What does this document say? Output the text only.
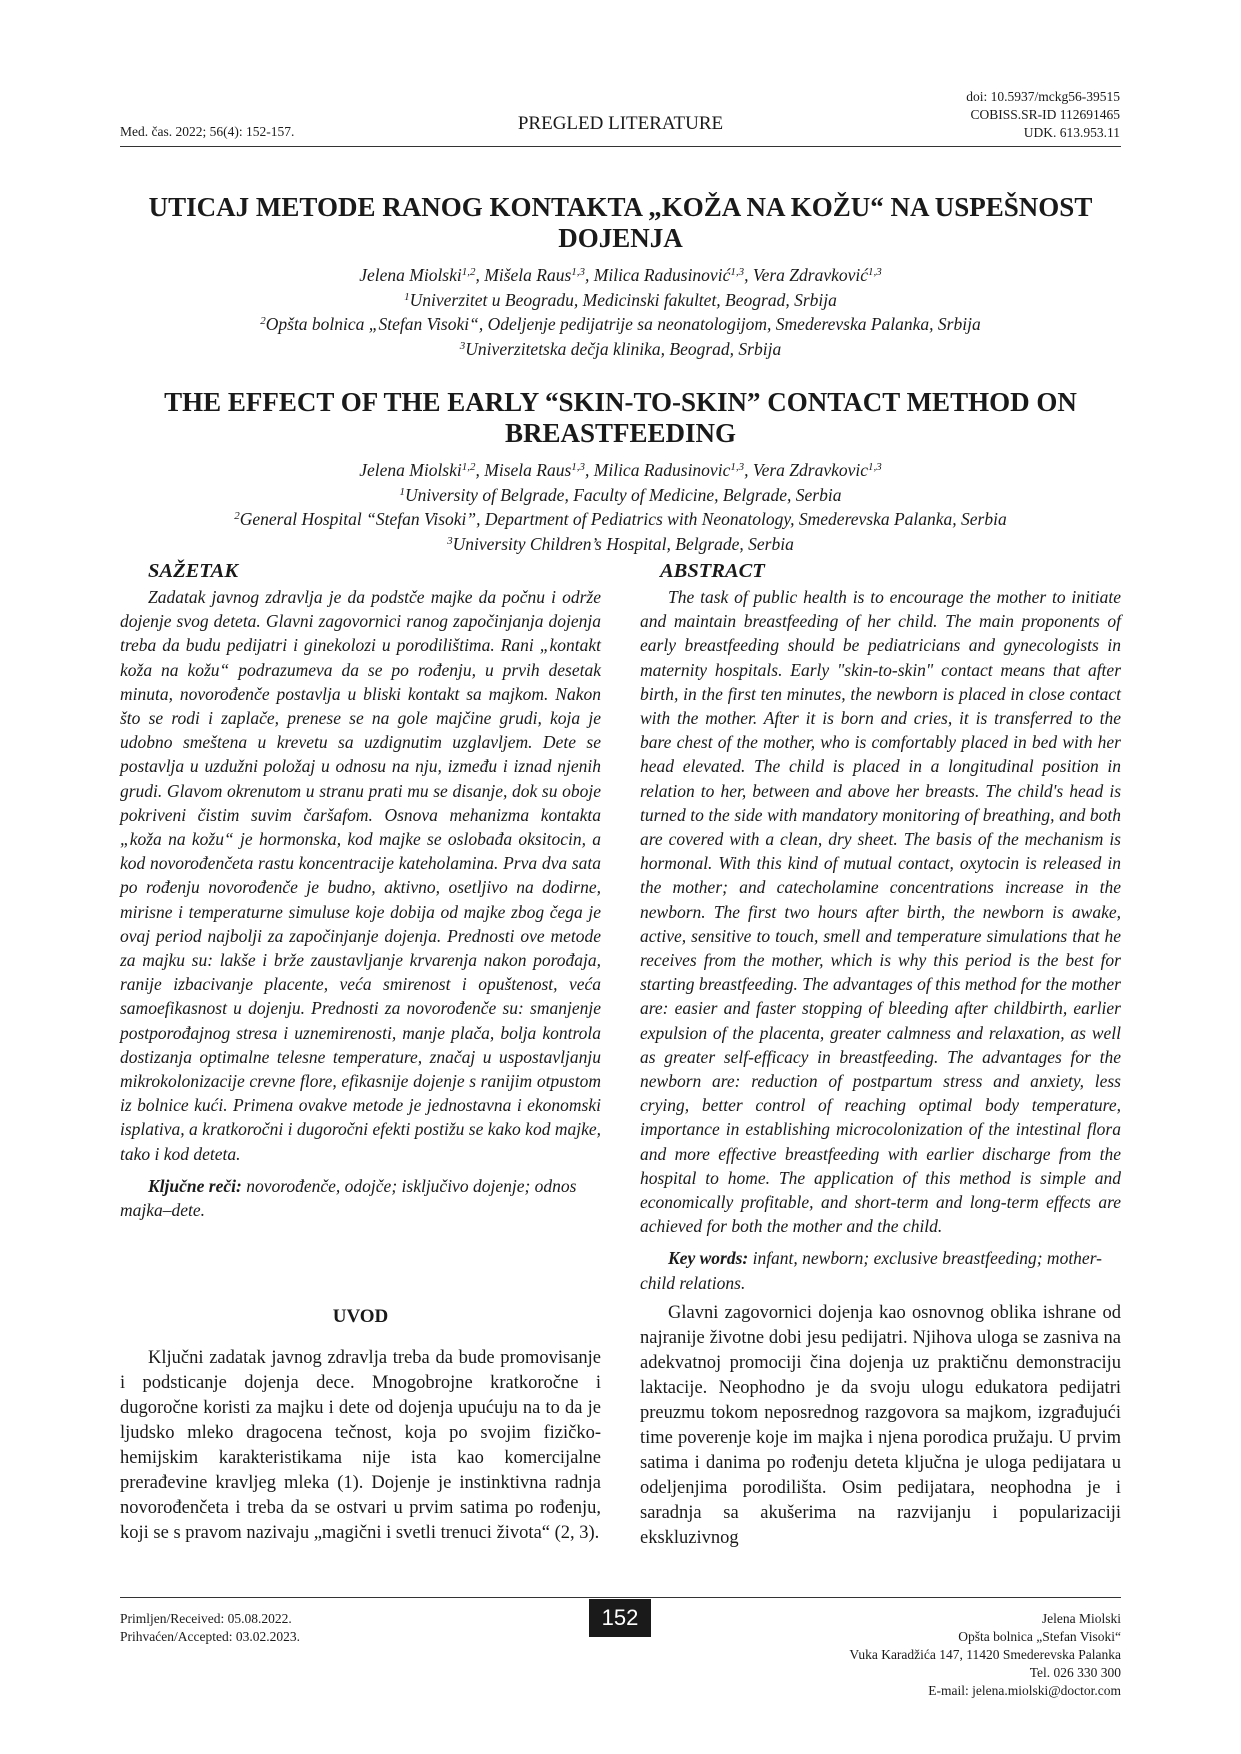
Med. čas. 2022; 56(4): 152-157.	PREGLED LITERATURE
doi: 10.5937/mckg56-39515
COBISS.SR-ID 112691465
UDK. 613.953.11
UTICAJ METODE RANOG KONTAKTA „KOŽA NA KOŽU“ NA USPEŠNOST
DOJENJA
Jelena Miolski$^{1,2}$, Mišela Raus$^{1,3}$, Milica Radusinović$^{1,3}$, Vera Zdravković$^{1,3}$
$^1$Univerzitet u Beogradu, Medicinski fakultet, Beograd, Srbija
$^2$Opšta bolnica „Stefan Visoki“, Odeljenje pedijatrije sa neonatologijom, Smederevska Palanka, Srbija
$^3$Univerzitetska dečja klinika, Beograd, Srbija
THE EFFECT OF THE EARLY “SKIN-TO-SKIN” CONTACT METHOD ON
BREASTFEEDING
Jelena Miolski$^{1,2}$, Misela Raus$^{1,3}$, Milica Radusinovic$^{1,3}$, Vera Zdravkovic$^{1,3}$
$^1$University of Belgrade, Faculty of Medicine, Belgrade, Serbia
$^2$General Hospital “Stefan Visoki”, Department of Pediatrics with Neonatology, Smederevska Palanka, Serbia
$^3$University Children’s Hospital, Belgrade, Serbia
SAŽETAK

Zadatak javnog zdravlja je da podstče majke da počnu i održe dojenje svog deteta. Glavni zagovornici ranog započinjanja dojenja treba da budu pedijatri i ginekolozi u porodilištima. Rani „kontakt koža na kožu“ podrazumeva da se po rođenju, u prvih desetak minuta, novorođenče postavlja u bliski kontakt sa majkom. Nakon što se rodi i zaplače, prenese se na gole majčine grudi, koja je udobno smeštena u krevetu sa uzdignutim uzglavljem. Dete se postavlja u uzdužni položaj u odnosu na nju, između i iznad njenih grudi. Glavom okrenutom u stranu prati mu se disanje, dok su oboje pokriveni čistim suvim čaršafom. Osnova mehanizma kontakta „koža na kožu“ je hormonska, kod majke se oslobađa oksitocin, a kod novorođenčeta rastu koncentracije kateholamina. Prva dva sata po rođenju novorođenče je budno, aktivno, osetljivo na dodirne, mirisne i temperaturne simuluse koje dobija od majke zbog čega je ovaj period najbolji za započinjanje dojenja. Prednosti ove metode za majku su: lakše i brže zaustavljanje krvarenja nakon porođaja, ranije izbacivanje placente, veća smirenost i opuštenost, veća samoefikasnost u dojenju. Prednosti za novorođenče su: smanjenje postporođajnog stresa i uznemirenosti, manje plača, bolja kontrola dostizanja optimalne telesne temperature, značaj u uspostavljanju mikrokolonizacije crevne flore, efikasnije dojenje s ranijim otpustom iz bolnice kući. Primena ovakve metode je jednostavna i ekonomski isplativa, a kratkoročni i dugoročni efekti postižu se kako kod majke, tako i kod deteta.

Ključne reči: novorođenče, odojče; isključivo dojenje; odnos majka–dete.

UVOD

Ključni zadatak javnog zdravlja treba da bude promovisanje i podsticanje dojenja dece. Mnogobrojne kratkoročne i dugoročne koristi za majku i dete od dojenja upućuju na to da je ljudsko mleko dragocena tečnost, koja po svojim fizičko-hemijskim karakteristikama nije ista kao komercijalne prerađevine kravljeg mleka (1). Dojenje je instinktivna radnja novorođenčeta i treba da se ostvari u prvim satima po rođenju, koji se s pravom nazivaju „magični i svetli trenuci života“ (2, 3).

ABSTRACT

The task of public health is to encourage the mother to initiate and maintain breastfeeding of her child. The main proponents of early breastfeeding should be pediatricians and gynecologists in maternity hospitals. Early "skin-to-skin" contact means that after birth, in the first ten minutes, the newborn is placed in close contact with the mother. After it is born and cries, it is transferred to the bare chest of the mother, who is comfortably placed in bed with her head elevated. The child is placed in a longitudinal position in relation to her, between and above her breasts. The child's head is turned to the side with mandatory monitoring of breathing, and both are covered with a clean, dry sheet. The basis of the mechanism is hormonal. With this kind of mutual contact, oxytocin is released in the mother; and catecholamine concentrations increase in the newborn. The first two hours after birth, the newborn is awake, active, sensitive to touch, smell and temperature simulations that he receives from the mother, which is why this period is the best for starting breastfeeding. The advantages of this method for the mother are: easier and faster stopping of bleeding after childbirth, earlier expulsion of the placenta, greater calmness and relaxation, as well as greater self-efficacy in breastfeeding. The advantages for the newborn are: reduction of postpartum stress and anxiety, less crying, better control of reaching optimal body temperature, importance in establishing microcolonization of the intestinal flora and more effective breastfeeding with earlier discharge from the hospital to home. The application of this method is simple and economically profitable, and short-term and long-term effects are achieved for both the mother and the child.

Key words: infant, newborn; exclusive breastfeeding; mother-child relations.

Glavni zagovornici dojenja kao osnovnog oblika ishrane od najranije životne dobi jesu pedijatri. Njihova uloga se zasniva na adekvatnoj promociji čina dojenja uz praktičnu demonstraciju laktacije. Neophodno je da svoju ulogu edukatora pedijatri preuzmu tokom neposrednog razgovora sa majkom, izgrađujući time poverenje koje im majka i njena porodica pružaju. U prvim satima i danima po rođenju deteta ključna je uloga pedijatara u odeljenjima porodilišta. Osim pedijatara, neophodna je i saradnja sa akušerima na razvijanju i popularizaciji ekskluzivnog

Primljen/Received: 05.08.2022.
Prihvaćen/Accepted: 03.02.2023.
152	Jelena Miolski
Opšta bolnica „Stefan Visoki“
Vuka Karadžića 147, 11420 Smederevska Palanka
Tel. 026 330 300
E-mail: jelena.miolski@doctor.com
